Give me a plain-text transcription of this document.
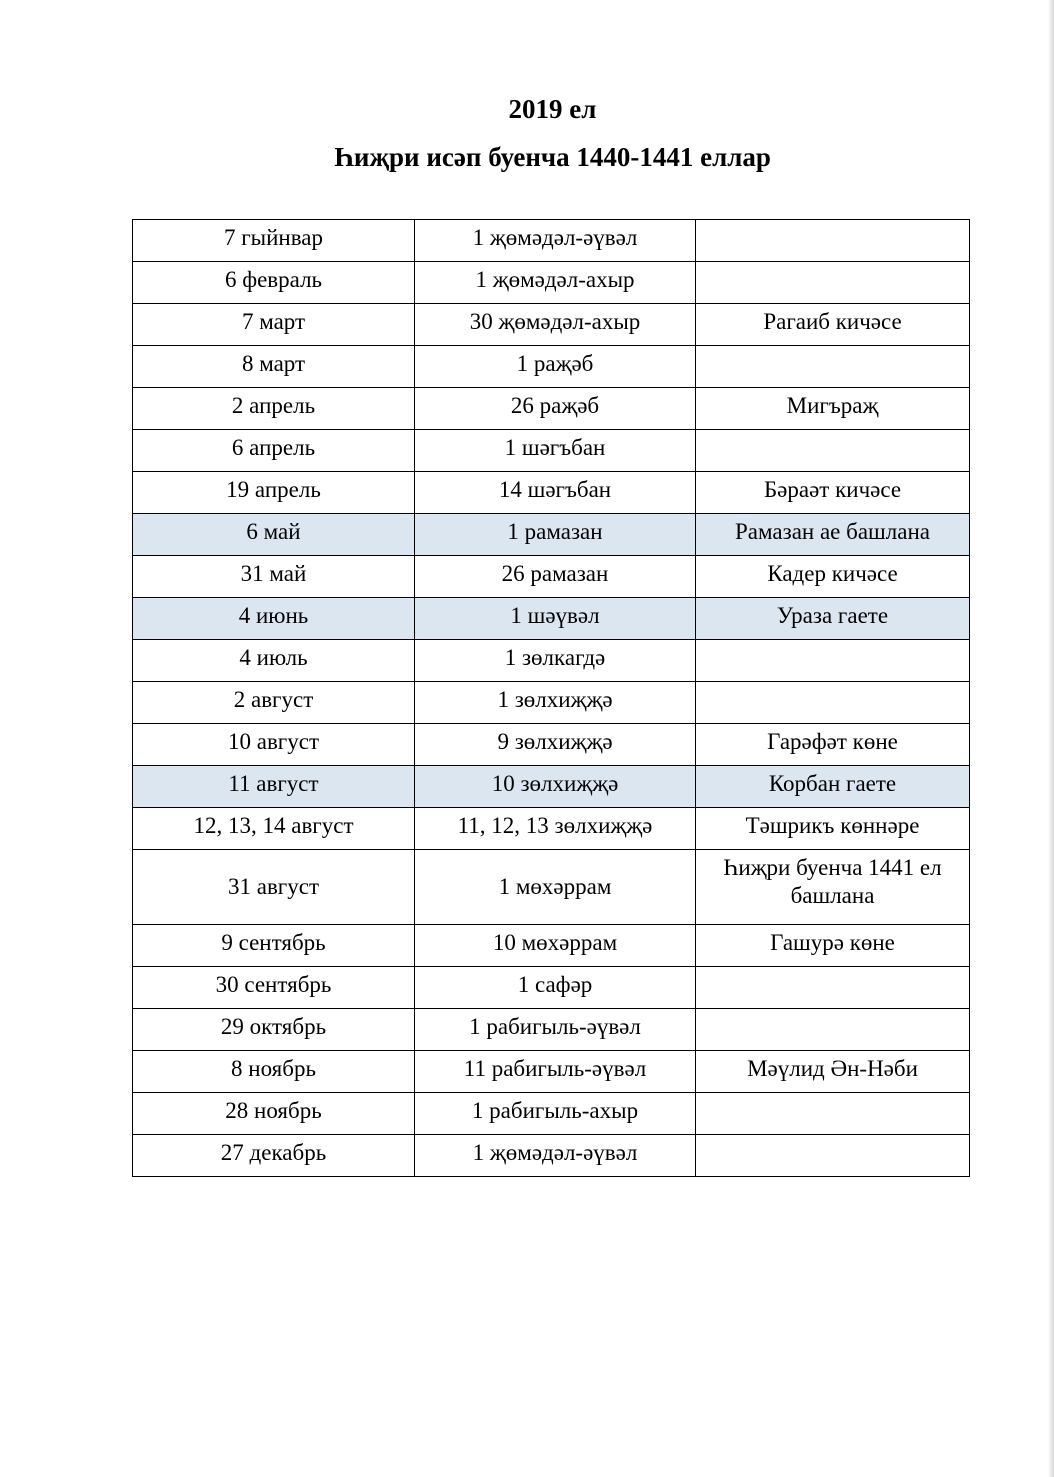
2019 ел
Һиҗри исәп буенча 1440-1441 еллар
7 гыйнвар	1 җөмәдәл-әүвәл	
6 февраль	1 җөмәдәл-ахыр	
7 март	30 җөмәдәл-ахыр	Рагаиб кичәсе
8 март	1 раҗәб	
2 апрель	26 раҗәб	Мигъраҗ
6 апрель	1 шәгъбан	
19 апрель	14 шәгъбан	Бәраәт кичәсе
6 май	1 рамазан	Рамазан ае башлана
31 май	26 рамазан	Кадер кичәсе
4 июнь	1 шәүвәл	Ураза гаете
4 июль	1 зөлкагдә	
2 август	1 зөлхиҗҗә	
10 август	9 зөлхиҗҗә	Гарәфәт көне
11 август	10 зөлхиҗҗә	Корбан гаете
12, 13, 14 август	11, 12, 13 зөлхиҗҗә	Тәшрикъ көннәре
31 август	1 мөхәррам	Һиҗри буенча 1441 ел башлана
9 сентябрь	10 мөхәррам	Гашурә көне
30 сентябрь	1 сафәр	
29 октябрь	1 рабигыль-әүвәл	
8 ноябрь	11 рабигыль-әүвәл	Мәүлид Ән-Нәби
28 ноябрь	1 рабигыль-ахыр	
27 декабрь	1 җөмәдәл-әүвәл	
